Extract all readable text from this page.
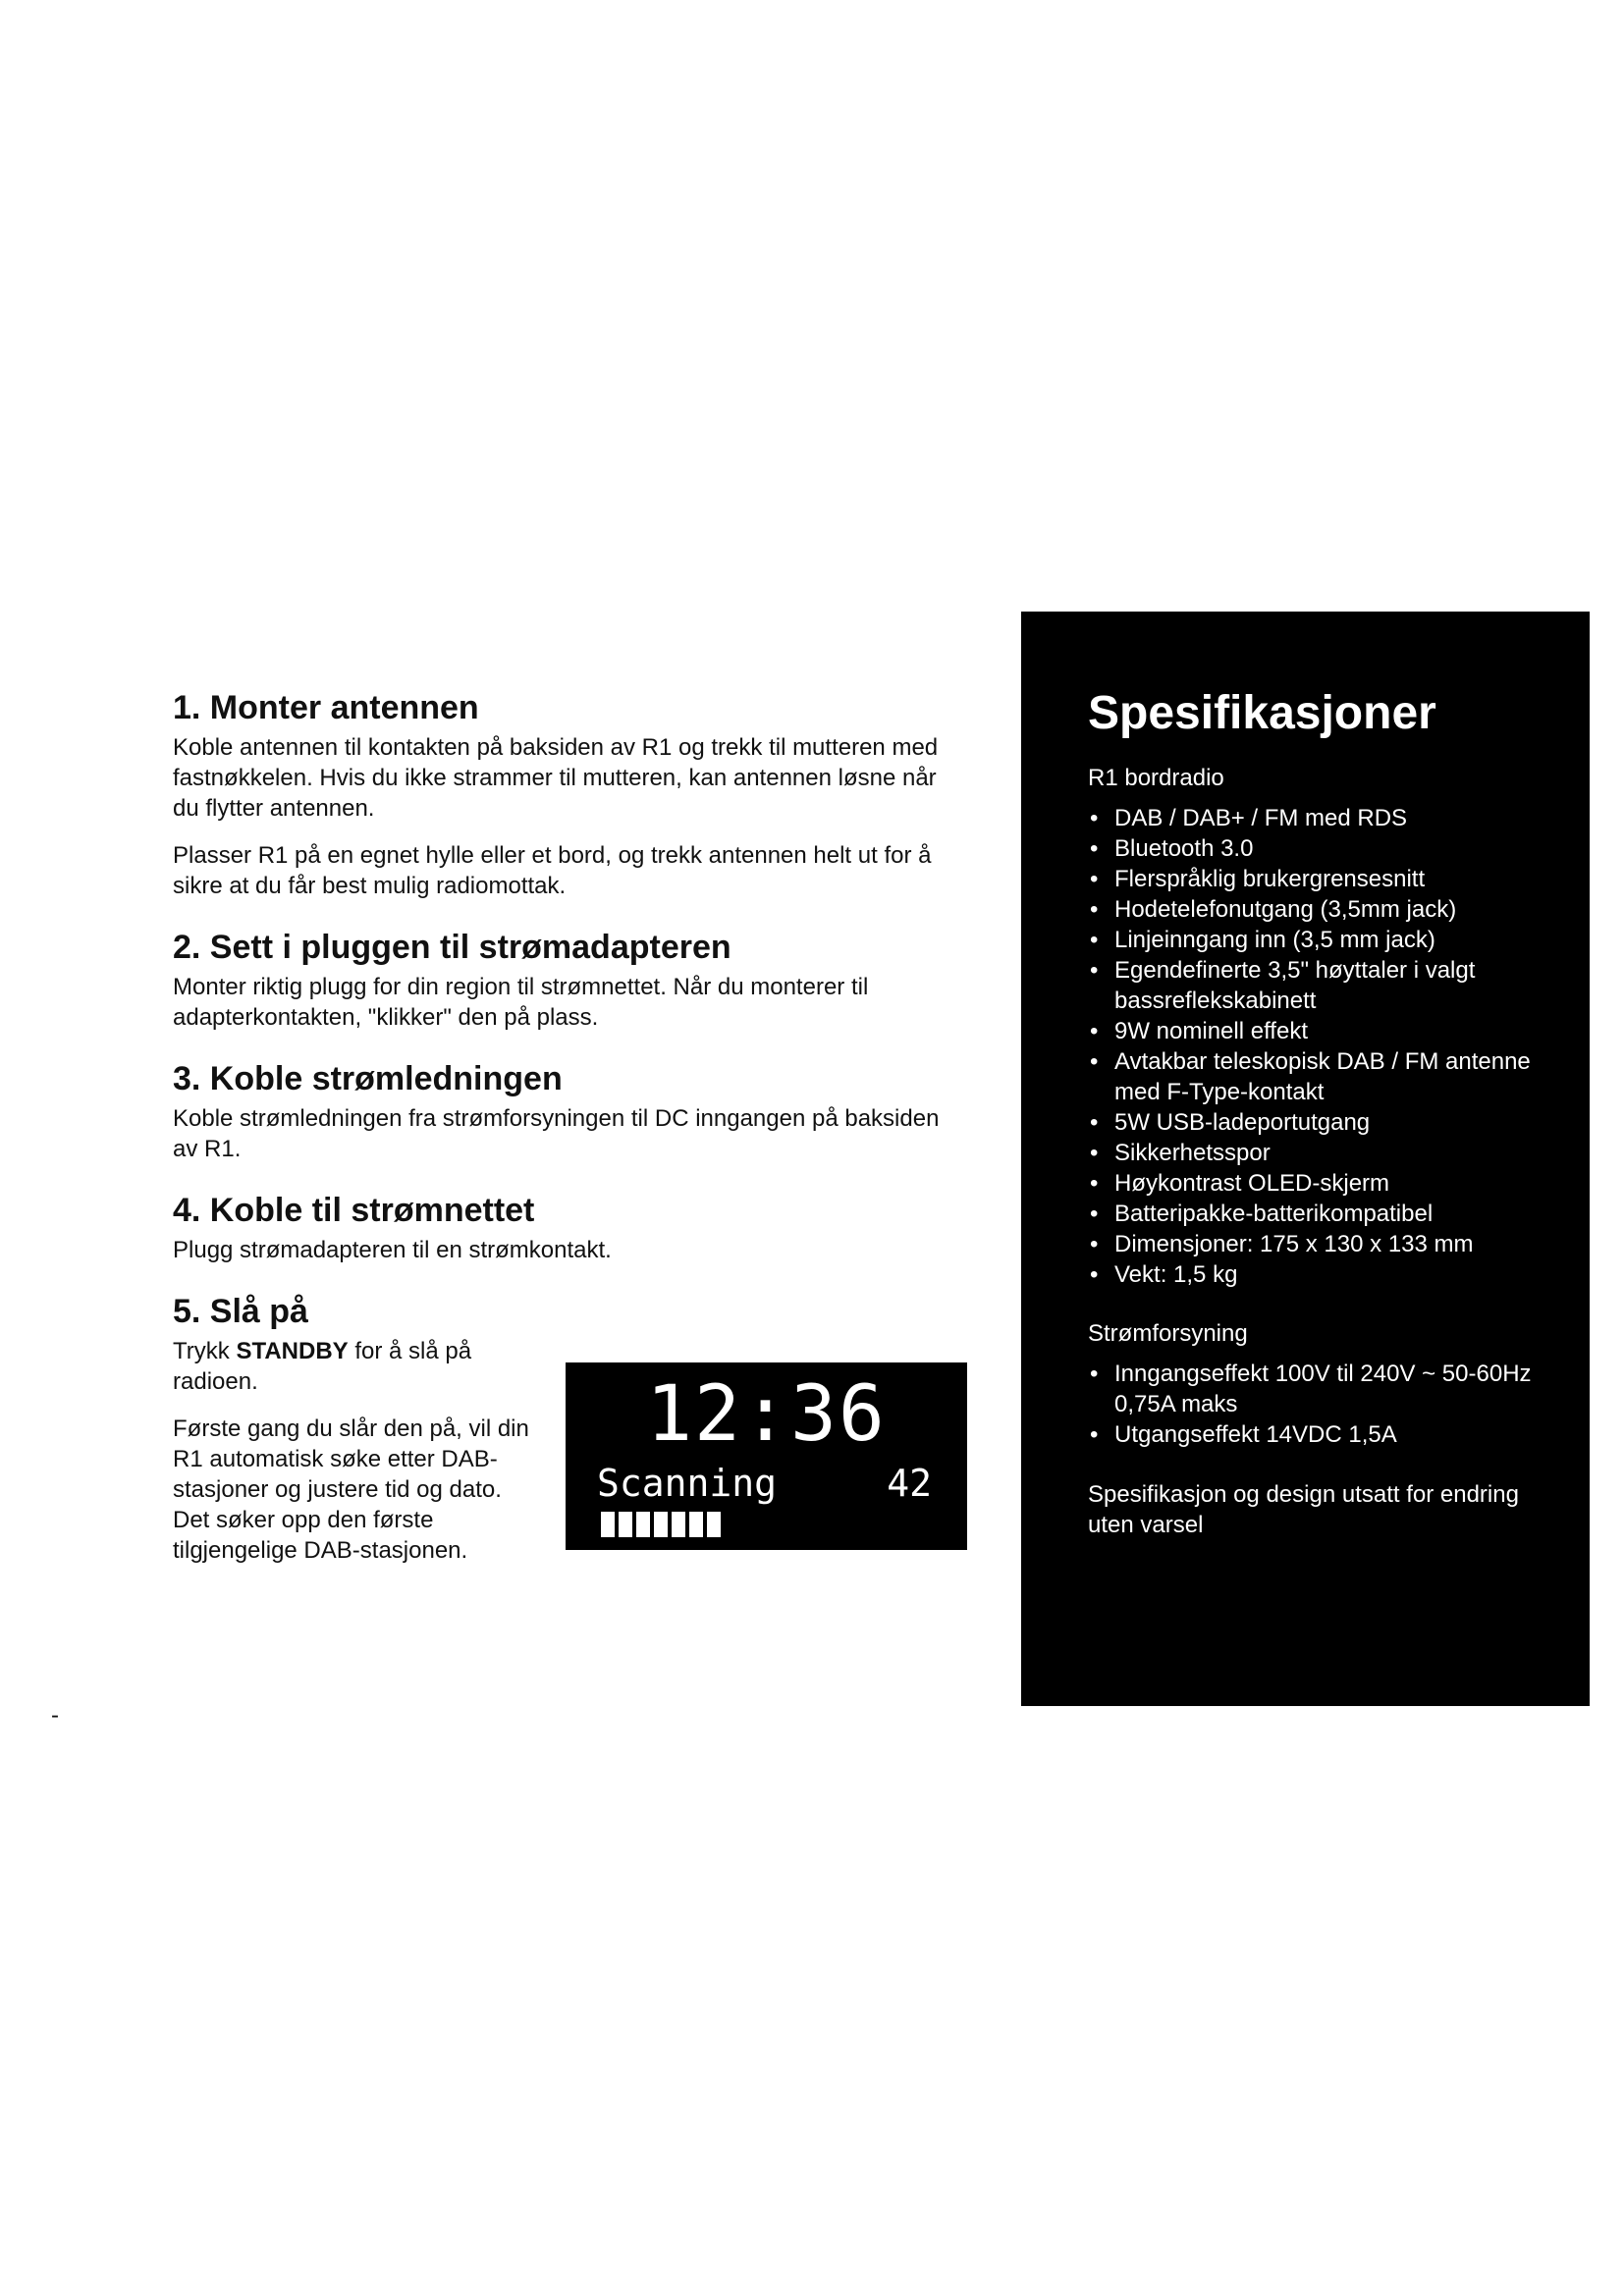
1. Monter antennen

Koble antennen til kontakten på baksiden av R1 og trekk til mutteren med fastnøkkelen. Hvis du ikke strammer til mutteren, kan antennen løsne når du flytter antennen.

Plasser R1 på en egnet hylle eller et bord, og trekk antennen helt ut for å sikre at du får best mulig radiomottak.

2. Sett i pluggen til strømadapteren

Monter riktig plugg for din region til strømnettet. Når du monterer til adapterkontakten, "klikker" den på plass.

3. Koble strømledningen

Koble strømledningen fra strømforsyningen til DC inngangen på baksiden av R1.

4. Koble til strømnettet

Plugg strømadapteren til en strømkontakt.

5. Slå på

Trykk STANDBY for å slå på radioen.

Første gang du slår den på, vil din R1 automatisk søke etter DAB-stasjoner og justere tid og dato. Det søker opp den første tilgjengelige DAB-stasjonen.

12:36
Scanning	42
Spesifikasjoner

R1 bordradio

• DAB / DAB+ / FM med RDS
• Bluetooth 3.0
• Flerspråklig brukergrensesnitt
• Hodetelefonutgang (3,5mm jack)
• Linjeinngang inn (3,5 mm jack)
• Egendefinerte 3,5" høyttaler i valgt bassreflekskabinett
• 9W nominell effekt
• Avtakbar teleskopisk DAB / FM antenne med F-Type-kontakt
• 5W USB-ladeportutgang
• Sikkerhetsspor
• Høykontrast OLED-skjerm
• Batteripakke-batterikompatibel
• Dimensjoner: 175 x 130 x 133 mm
• Vekt: 1,5 kg

Strømforsyning

• Inngangseffekt 100V til 240V ~ 50-60Hz 0,75A maks
• Utgangseffekt 14VDC 1,5A

Spesifikasjon og design utsatt for endring uten varsel

-
